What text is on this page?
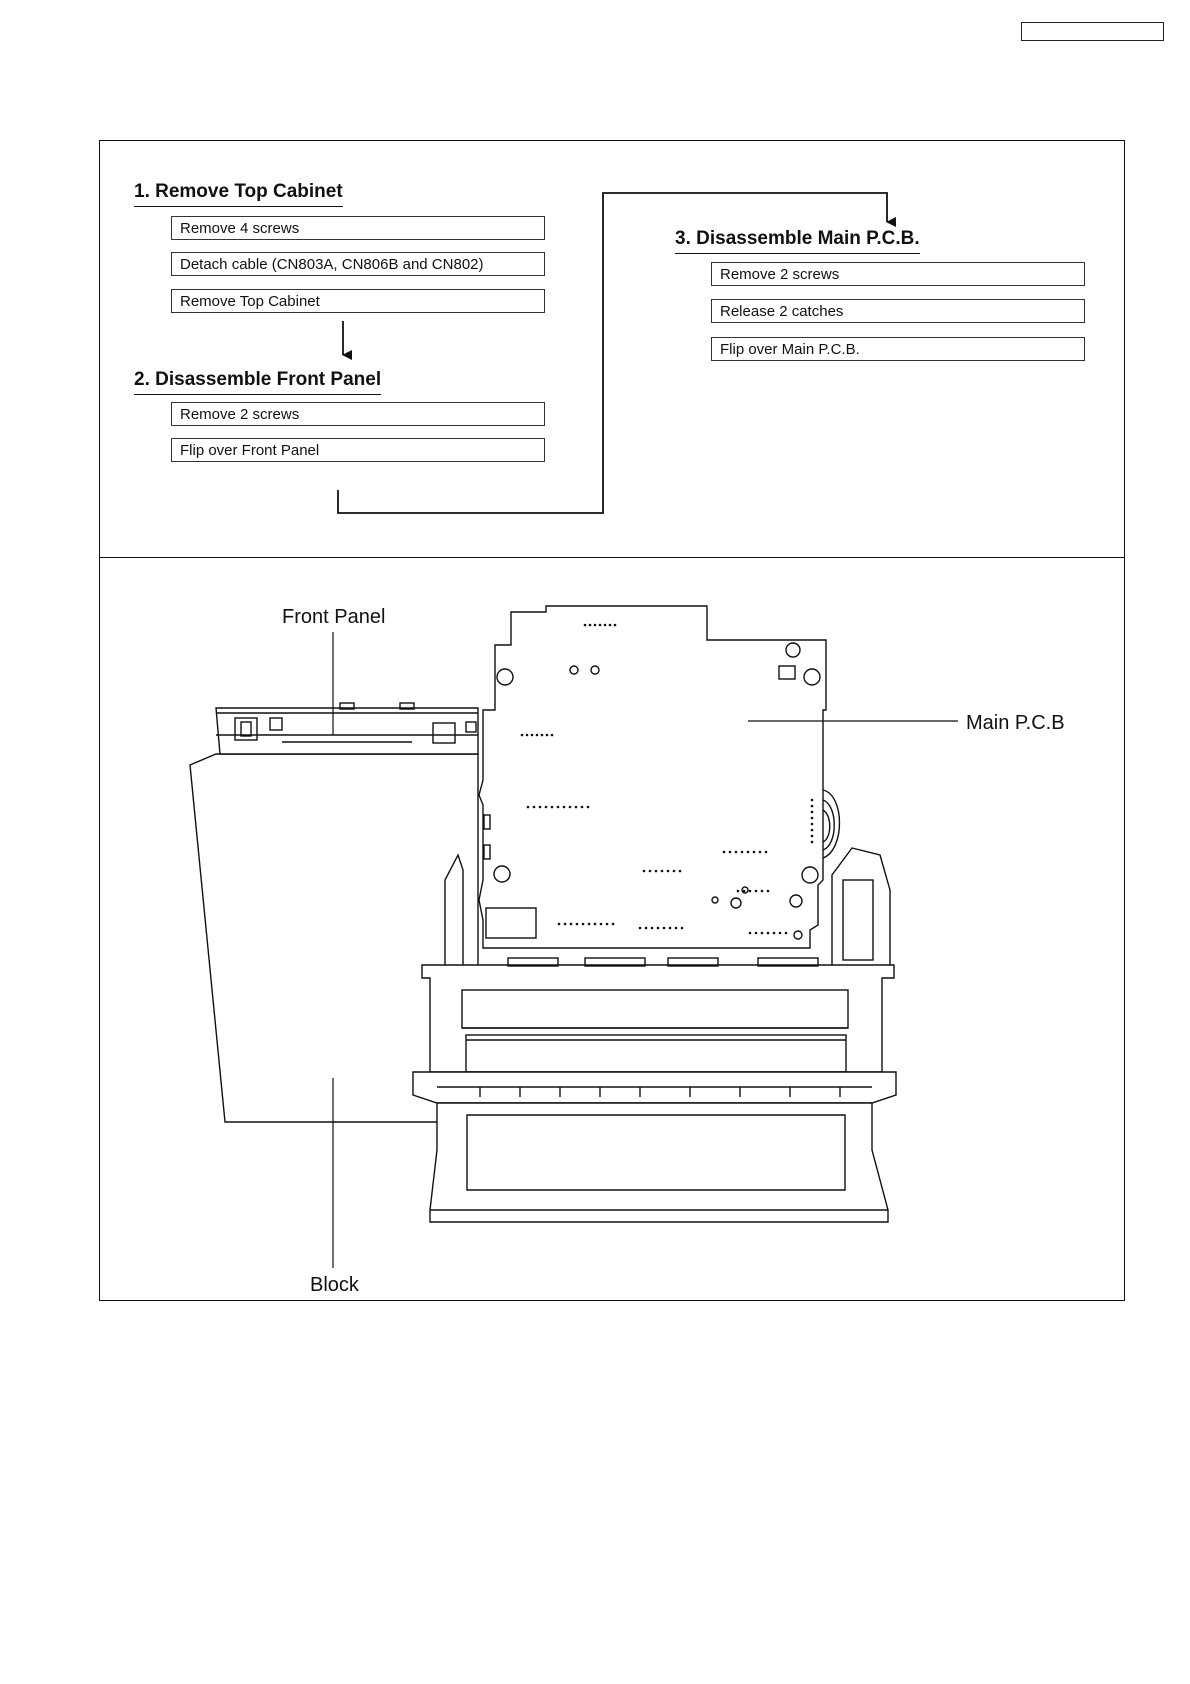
1. Remove Top Cabinet
Remove 4 screws
Detach cable (CN803A, CN806B and CN802)
Remove Top Cabinet
2. Disassemble Front Panel
Remove 2 screws
Flip over Front Panel
3. Disassemble Main P.C.B.
Remove 2 screws
Release 2 catches
Flip over Main P.C.B.
Front Panel
Main P.C.B
Block
